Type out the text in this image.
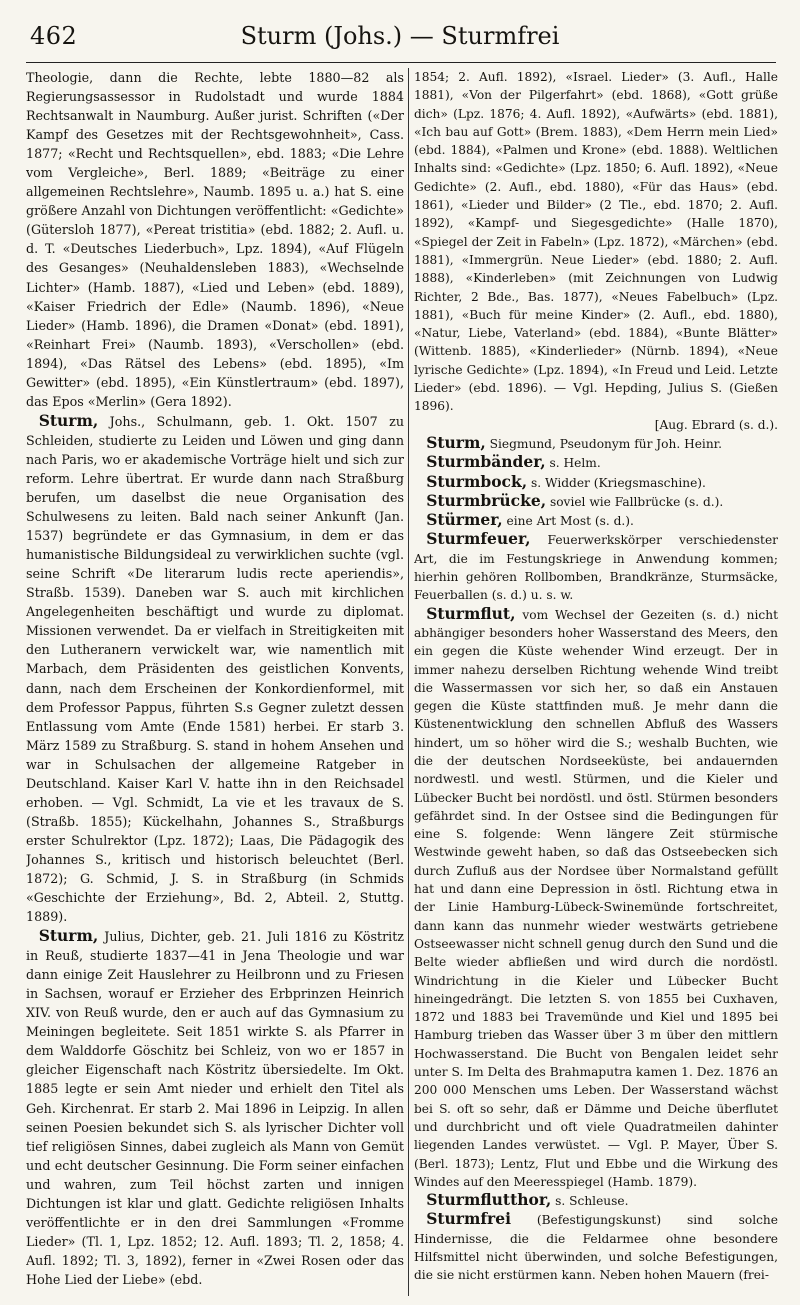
462	Sturm (Johs.) — Sturmfrei

Theologie, dann die Rechte, lebte 1880—82 als Regierungsassessor in Rudolstadt und wurde 1884 Rechtsanwalt in Naumburg. Außer jurist. Schriften («Der Kampf des Gesetzes mit der Rechtsgewohnheit», Cass. 1877; «Recht und Rechtsquellen», ebd. 1883; «Die Lehre vom Vergleiche», Berl. 1889; «Beiträge zu einer allgemeinen Rechtslehre», Naumb. 1895 u. a.) hat S. eine größere Anzahl von Dichtungen veröffentlicht: «Gedichte» (Gütersloh 1877), «Pereat tristitia» (ebd. 1882; 2. Aufl. u. d. T. «Deutsches Liederbuch», Lpz. 1894), «Auf Flügeln des Gesanges» (Neuhaldensleben 1883), «Wechselnde Lichter» (Hamb. 1887), «Lied und Leben» (ebd. 1889), «Kaiser Friedrich der Edle» (Naumb. 1896), «Neue Lieder» (Hamb. 1896), die Dramen «Donat» (ebd. 1891), «Reinhart Frei» (Naumb. 1893), «Verschollen» (ebd. 1894), «Das Rätsel des Lebens» (ebd. 1895), «Im Gewitter» (ebd. 1895), «Ein Künstlertraum» (ebd. 1897), das Epos «Merlin» (Gera 1892).

Sturm, Johs., Schulmann, geb. 1. Okt. 1507 zu Schleiden, studierte zu Leiden und Löwen und ging dann nach Paris, wo er akademische Vorträge hielt und sich zur reform. Lehre übertrat. Er wurde dann nach Straßburg berufen, um daselbst die neue Organisation des Schulwesens zu leiten. Bald nach seiner Ankunft (Jan. 1537) begründete er das Gymnasium, in dem er das humanistische Bildungsideal zu verwirklichen suchte (vgl. seine Schrift «De literarum ludis recte aperiendis», Straßb. 1539). Daneben war S. auch mit kirchlichen Angelegenheiten beschäftigt und wurde zu diplomat. Missionen verwendet. Da er vielfach in Streitigkeiten mit den Lutheranern verwickelt war, wie namentlich mit Marbach, dem Präsidenten des geistlichen Konvents, dann, nach dem Erscheinen der Konkordienformel, mit dem Professor Pappus, führten S.s Gegner zuletzt dessen Entlassung vom Amte (Ende 1581) herbei. Er starb 3. März 1589 zu Straßburg. S. stand in hohem Ansehen und war in Schulsachen der allgemeine Ratgeber in Deutschland. Kaiser Karl V. hatte ihn in den Reichsadel erhoben. — Vgl. Schmidt, La vie et les travaux de S. (Straßb. 1855); Kückelhahn, Johannes S., Straßburgs erster Schulrektor (Lpz. 1872); Laas, Die Pädagogik des Johannes S., kritisch und historisch beleuchtet (Berl. 1872); G. Schmid, J. S. in Straßburg (in Schmids «Geschichte der Erziehung», Bd. 2, Abteil. 2, Stuttg. 1889).

Sturm, Julius, Dichter, geb. 21. Juli 1816 zu Köstritz in Reuß, studierte 1837—41 in Jena Theologie und war dann einige Zeit Hauslehrer zu Heilbronn und zu Friesen in Sachsen, worauf er Erzieher des Erbprinzen Heinrich XIV. von Reuß wurde, den er auch auf das Gymnasium zu Meiningen begleitete. Seit 1851 wirkte S. als Pfarrer in dem Walddorfe Göschitz bei Schleiz, von wo er 1857 in gleicher Eigenschaft nach Köstritz übersiedelte. Im Okt. 1885 legte er sein Amt nieder und erhielt den Titel als Geh. Kirchenrat. Er starb 2. Mai 1896 in Leipzig. In allen seinen Poesien bekundet sich S. als lyrischer Dichter voll tief religiösen Sinnes, dabei zugleich als Mann von Gemüt und echt deutscher Gesinnung. Die Form seiner einfachen und wahren, zum Teil höchst zarten und innigen Dichtungen ist klar und glatt. Gedichte religiösen Inhalts veröffentlichte er in den drei Sammlungen «Fromme Lieder» (Tl. 1, Lpz. 1852; 12. Aufl. 1893; Tl. 2, 1858; 4. Aufl. 1892; Tl. 3, 1892), ferner in «Zwei Rosen oder das Hohe Lied der Liebe» (ebd.

1854; 2. Aufl. 1892), «Israel. Lieder» (3. Aufl., Halle 1881), «Von der Pilgerfahrt» (ebd. 1868), «Gott grüße dich» (Lpz. 1876; 4. Aufl. 1892), «Aufwärts» (ebd. 1881), «Ich bau auf Gott» (Brem. 1883), «Dem Herrn mein Lied» (ebd. 1884), «Palmen und Krone» (ebd. 1888). Weltlichen Inhalts sind: «Gedichte» (Lpz. 1850; 6. Aufl. 1892), «Neue Gedichte» (2. Aufl., ebd. 1880), «Für das Haus» (ebd. 1861), «Lieder und Bilder» (2 Tle., ebd. 1870; 2. Aufl. 1892), «Kampf- und Siegesgedichte» (Halle 1870), «Spiegel der Zeit in Fabeln» (Lpz. 1872), «Märchen» (ebd. 1881), «Immergrün. Neue Lieder» (ebd. 1880; 2. Aufl. 1888), «Kinderleben» (mit Zeichnungen von Ludwig Richter, 2 Bde., Bas. 1877), «Neues Fabelbuch» (Lpz. 1881), «Buch für meine Kinder» (2. Aufl., ebd. 1880), «Natur, Liebe, Vaterland» (ebd. 1884), «Bunte Blätter» (Wittenb. 1885), «Kinderlieder» (Nürnb. 1894), «Neue lyrische Gedichte» (Lpz. 1894), «In Freud und Leid. Letzte Lieder» (ebd. 1896). — Vgl. Hepding, Julius S. (Gießen 1896).

[Aug. Ebrard (s. d.).

Sturm, Siegmund, Pseudonym für Joh. Heinr.

Sturmbänder, s. Helm.

Sturmbock, s. Widder (Kriegsmaschine).

Sturmbrücke, soviel wie Fallbrücke (s. d.).

Stürmer, eine Art Most (s. d.).

Sturmfeuer, Feuerwerkskörper verschiedenster Art, die im Festungskriege in Anwendung kommen; hierhin gehören Rollbomben, Brandkränze, Sturmsäcke, Feuerballen (s. d.) u. s. w.

Sturmflut, vom Wechsel der Gezeiten (s. d.) nicht abhängiger besonders hoher Wasserstand des Meers, den ein gegen die Küste wehender Wind erzeugt. Der in immer nahezu derselben Richtung wehende Wind treibt die Wassermassen vor sich her, so daß ein Anstauen gegen die Küste stattfinden muß. Je mehr dann die Küstenentwicklung den schnellen Abfluß des Wassers hindert, um so höher wird die S.; weshalb Buchten, wie die der deutschen Nordseeküste, bei andauernden nordwestl. und westl. Stürmen, und die Kieler und Lübecker Bucht bei nordöstl. und östl. Stürmen besonders gefährdet sind. In der Ostsee sind die Bedingungen für eine S. folgende: Wenn längere Zeit stürmische Westwinde geweht haben, so daß das Ostseebecken sich durch Zufluß aus der Nordsee über Normalstand gefüllt hat und dann eine Depression in östl. Richtung etwa in der Linie Hamburg-Lübeck-Swinemünde fortschreitet, dann kann das nunmehr wieder westwärts getriebene Ostseewasser nicht schnell genug durch den Sund und die Belte wieder abfließen und wird durch die nordöstl. Windrichtung in die Kieler und Lübecker Bucht hineingedrängt. Die letzten S. von 1855 bei Cuxhaven, 1872 und 1883 bei Travemünde und Kiel und 1895 bei Hamburg trieben das Wasser über 3 m über den mittlern Hochwasserstand. Die Bucht von Bengalen leidet sehr unter S. Im Delta des Brahmaputra kamen 1. Dez. 1876 an 200 000 Menschen ums Leben. Der Wasserstand wächst bei S. oft so sehr, daß er Dämme und Deiche überflutet und durchbricht und oft viele Quadratmeilen dahinter liegenden Landes verwüstet. — Vgl. P. Mayer, Über S. (Berl. 1873); Lentz, Flut und Ebbe und die Wirkung des Windes auf den Meeresspiegel (Hamb. 1879).

Sturmflutthor, s. Schleuse.

Sturmfrei (Befestigungskunst) sind solche Hindernisse, die die Feldarmee ohne besondere Hilfsmittel nicht überwinden, und solche Befestigungen, die sie nicht erstürmen kann. Neben hohen Mauern (frei-
